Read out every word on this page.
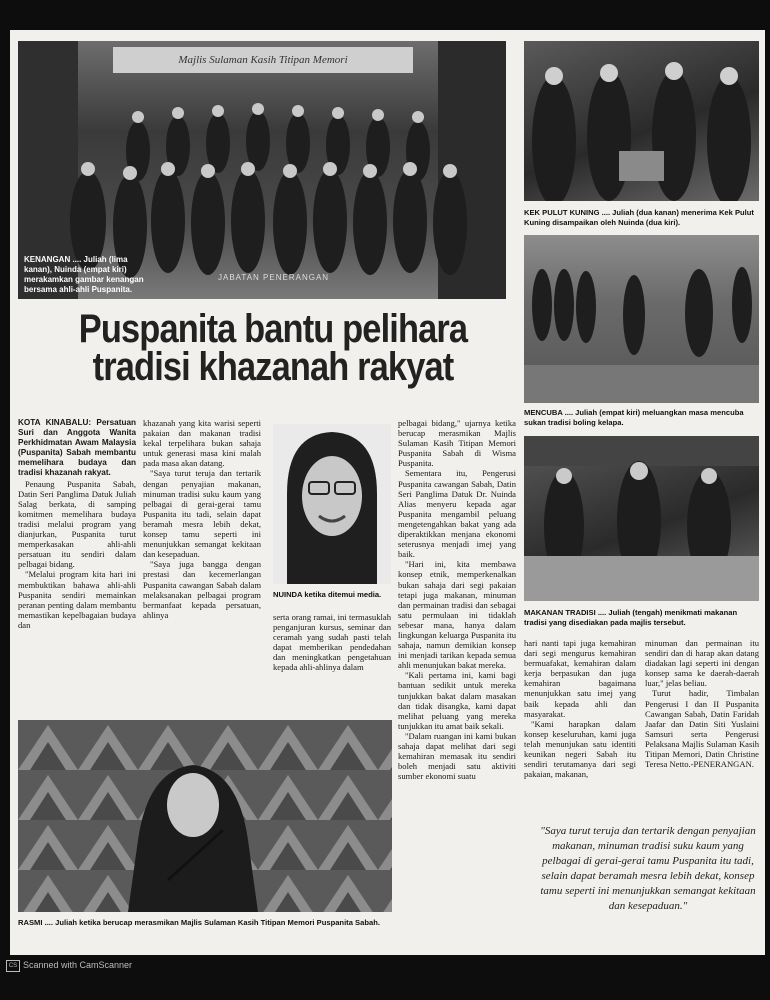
Majlis Sulaman Kasih Titipan Memori
KENANGAN .... Juliah (lima kanan), Nuinda (empat kiri) merakamkan gambar kenangan bersama ahli-ahli Puspanita.
JABATAN PENERANGAN
KEK PULUT KUNING .... Juliah (dua kanan) menerima Kek Pulut Kuning disampaikan oleh Nuinda (dua kiri).
MENCUBA .... Juliah (empat kiri) meluangkan masa mencuba sukan tradisi boling kelapa.
MAKANAN TRADISI .... Juliah (tengah) menikmati makanan tradisi yang disediakan pada majlis tersebut.
Puspanita bantu pelihara
tradisi khazanah rakyat

KOTA KINABALU: Persatuan Suri dan Anggota Wanita Perkhidmatan Awam Malaysia (Puspanita) Sabah membantu memelihara budaya dan tradisi khazanah rakyat.

Penaung Puspanita Sabah, Datin Seri Panglima Datuk Juliah Salag berkata, di samping komitmen memelihara budaya tradisi melalui program yang dianjurkan, Puspanita turut memperkasakan ahli-ahli persatuan itu sendiri dalam pelbagai bidang.

"Melalui program kita hari ini membuktikan bahawa ahli-ahli Puspanita sendiri memainkan peranan penting dalam membantu memastikan kepelbagaian budaya dan

khazanah yang kita warisi seperti pakaian dan makanan tradisi kekal terpelihara bukan sahaja untuk generasi masa kini malah pada masa akan datang.

"Saya turut teruja dan tertarik dengan penyajian makanan, minuman tradisi suku kaum yang pelbagai di gerai-gerai tamu Puspanita itu tadi, selain dapat beramah mesra lebih dekat, konsep tamu seperti ini menunjukkan semangat kekitaan dan kesepaduan.

"Saya juga bangga dengan prestasi dan kecemerlangan Puspanita cawangan Sabah dalam melaksanakan pelbagai program bermanfaat kepada persatuan, ahlinya

NUINDA ketika ditemui media.

serta orang ramai, ini termasuklah penganjuran kursus, seminar dan ceramah yang sudah pasti telah dapat memberikan pendedahan dan meningkatkan pengetahuan kepada ahli-ahlinya dalam

pelbagai bidang," ujarnya ketika berucap merasmikan Majlis Sulaman Kasih Titipan Memori Puspanita Sabah di Wisma Puspanita.

Sementara itu, Pengerusi Puspanita cawangan Sabah, Datin Seri Panglima Datuk Dr. Nuinda Alias menyeru kepada agar Puspanita mengambil peluang mengetengahkan bakat yang ada diperaktikkan menjana ekonomi seterusnya menjadi imej yang baik.

"Hari ini, kita membawa konsep etnik, memperkenalkan bukan sahaja dari segi pakaian tetapi juga makanan, minuman dan permainan tradisi dan sebagai satu permulaan ini tidaklah sebesar mana, hanya dalam lingkungan keluarga Puspanita itu sahaja, namun demikian konsep ini menjadi tarikan kepada semua ahli menunjukan bakat mereka.

"Kali pertama ini, kami bagi bantuan sedikit untuk mereka tunjukkan bakat dalam masakan dan tidak disangka, kami dapat melihat peluang yang mereka tunjukkan itu amat baik sekali.

"Dalam ruangan ini kami bukan sahaja dapat melihat dari segi kemahiran memasak itu sendiri boleh menjadi satu aktiviti sumber ekonomi suatu

hari nanti tapi juga kemahiran dari segi mengurus kemahiran bermuafakat, kemahiran dalam kerja berpasukan dan juga kemahiran bagaimana menunjukkan satu imej yang baik kepada ahli dan masyarakat.

"Kami harapkan dalam konsep keseluruhan, kami juga telah menunjukan satu identiti keunikan negeri Sabah itu sendiri terutamanya dari segi pakaian, makanan,

minuman dan permainan itu sendiri dan di harap akan datang diadakan lagi seperti ini dengan konsep sama ke daerah-daerah luar," jelas beliau.

Turut hadir, Timbalan Pengerusi I dan II Puspanita Cawangan Sabah, Datin Faridah Jaafar dan Datin Siti Yuslaini Samsuri serta Pengerusi Pelaksana Majlis Sulaman Kasih Titipan Memori, Datin Christine Teresa Netto.-PENERANGAN.

"Saya turut teruja dan tertarik dengan penyajian makanan, minuman tradisi suku kaum yang pelbagai di gerai-gerai tamu Puspanita itu tadi, selain dapat beramah mesra lebih dekat, konsep tamu seperti ini menunjukkan semangat kekitaan dan kesepaduan."
RASMI .... Juliah ketika berucap merasmikan Majlis Sulaman Kasih Titipan Memori Puspanita Sabah.
CS Scanned with CamScanner
